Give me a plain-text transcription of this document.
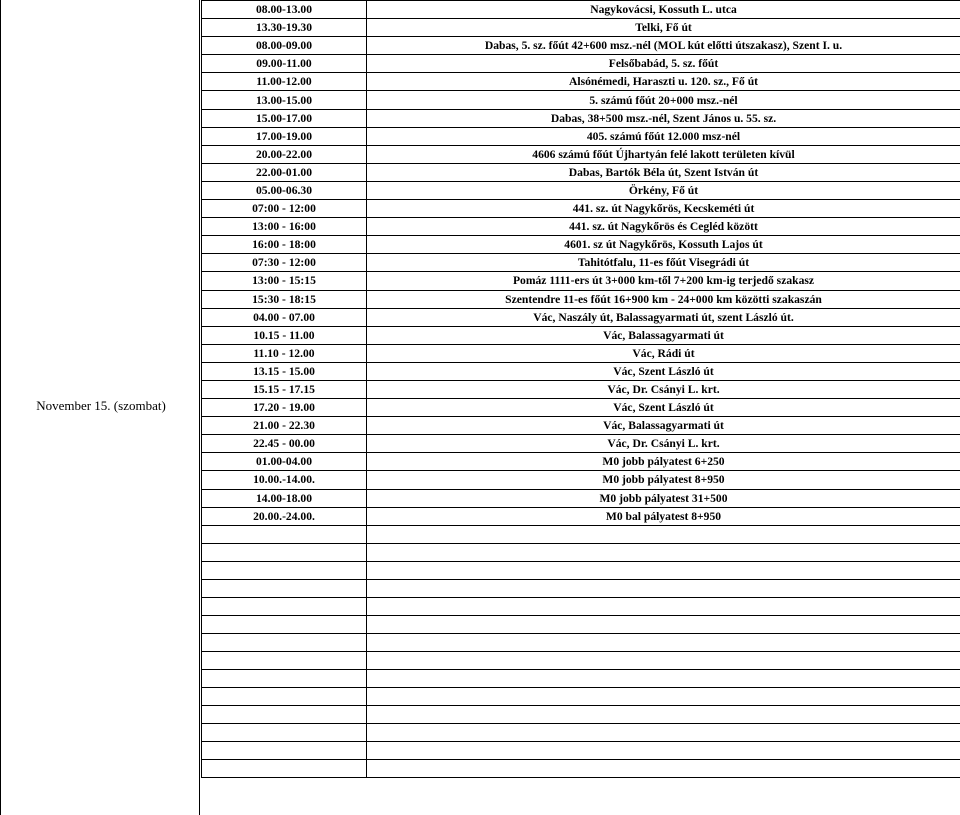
November 15. (szombat)
08.00-13.00	Nagykovácsi, Kossuth L. utca
13.30-19.30	Telki, Fő út
08.00-09.00	Dabas, 5. sz. főút 42+600 msz.-nél (MOL kút előtti útszakasz), Szent I. u.
09.00-11.00	Felsőbabád, 5. sz. főút
11.00-12.00	Alsónémedi, Haraszti u. 120. sz., Fő út
13.00-15.00	5. számú főút 20+000 msz.-nél
15.00-17.00	Dabas, 38+500 msz.-nél, Szent János u. 55. sz.
17.00-19.00	405. számú főút 12.000 msz-nél
20.00-22.00	4606 számú főút Újhartyán felé lakott területen kívül
22.00-01.00	Dabas, Bartók Béla út, Szent István út
05.00-06.30	Örkény, Fő út
07:00 - 12:00	441. sz. út Nagykőrös, Kecskeméti út
13:00 - 16:00	441. sz. út Nagykőrös és Cegléd között
16:00 - 18:00	4601. sz út Nagykőrös, Kossuth Lajos út
07:30 - 12:00	Tahitótfalu, 11-es főút Visegrádi út
13:00 - 15:15	Pomáz 1111-ers út 3+000 km-től 7+200 km-ig terjedő szakasz
15:30 - 18:15	Szentendre 11-es főút 16+900 km - 24+000 km közötti szakaszán
04.00 - 07.00	Vác, Naszály út, Balassagyarmati út, szent László út.
10.15 - 11.00	Vác, Balassagyarmati út
11.10 - 12.00	Vác, Rádi út
13.15 - 15.00	Vác, Szent László út
15.15 - 17.15	Vác, Dr. Csányi L. krt.
17.20 - 19.00	Vác, Szent László út
21.00 - 22.30	Vác, Balassagyarmati út
22.45 - 00.00	Vác, Dr. Csányi L. krt.
01.00-04.00	M0 jobb pályatest 6+250
10.00.-14.00.	M0 jobb pályatest 8+950
14.00-18.00	M0 jobb pályatest 31+500
20.00.-24.00.	M0 bal pályatest 8+950
